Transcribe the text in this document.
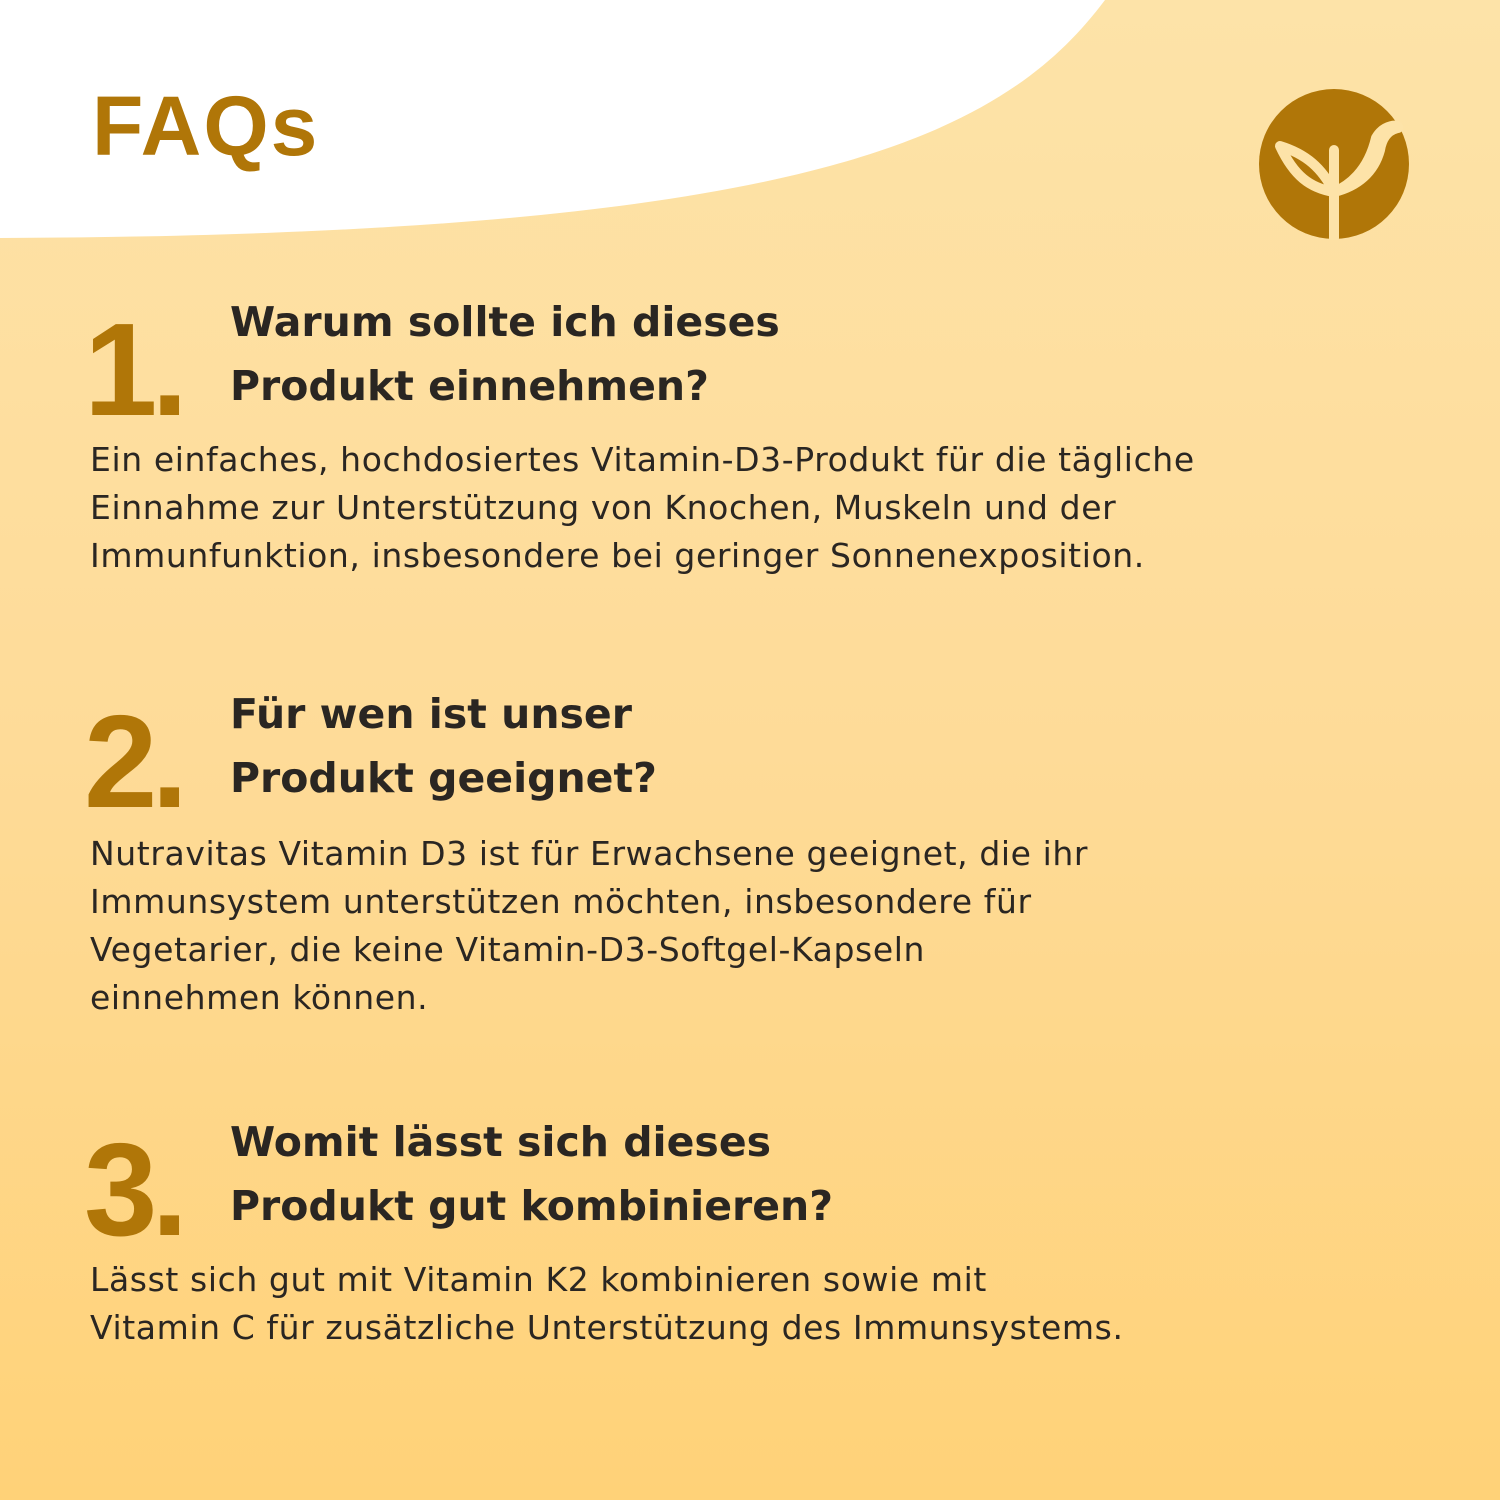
FAQs
1. Warum sollte ich dieses
Produkt einnehmen?

Ein einfaches, hochdosiertes Vitamin-D3-Produkt für die tägliche
Einnahme zur Unterstützung von Knochen, Muskeln und der
Immunfunktion, insbesondere bei geringer Sonnenexposition.

2. Für wen ist unser
Produkt geeignet?

Nutravitas Vitamin D3 ist für Erwachsene geeignet, die ihr
Immunsystem unterstützen möchten, insbesondere für
Vegetarier, die keine Vitamin-D3-Softgel-Kapseln
einnehmen können.

3. Womit lässt sich dieses
Produkt gut kombinieren?

Lässt sich gut mit Vitamin K2 kombinieren sowie mit
Vitamin C für zusätzliche Unterstützung des Immunsystems.
